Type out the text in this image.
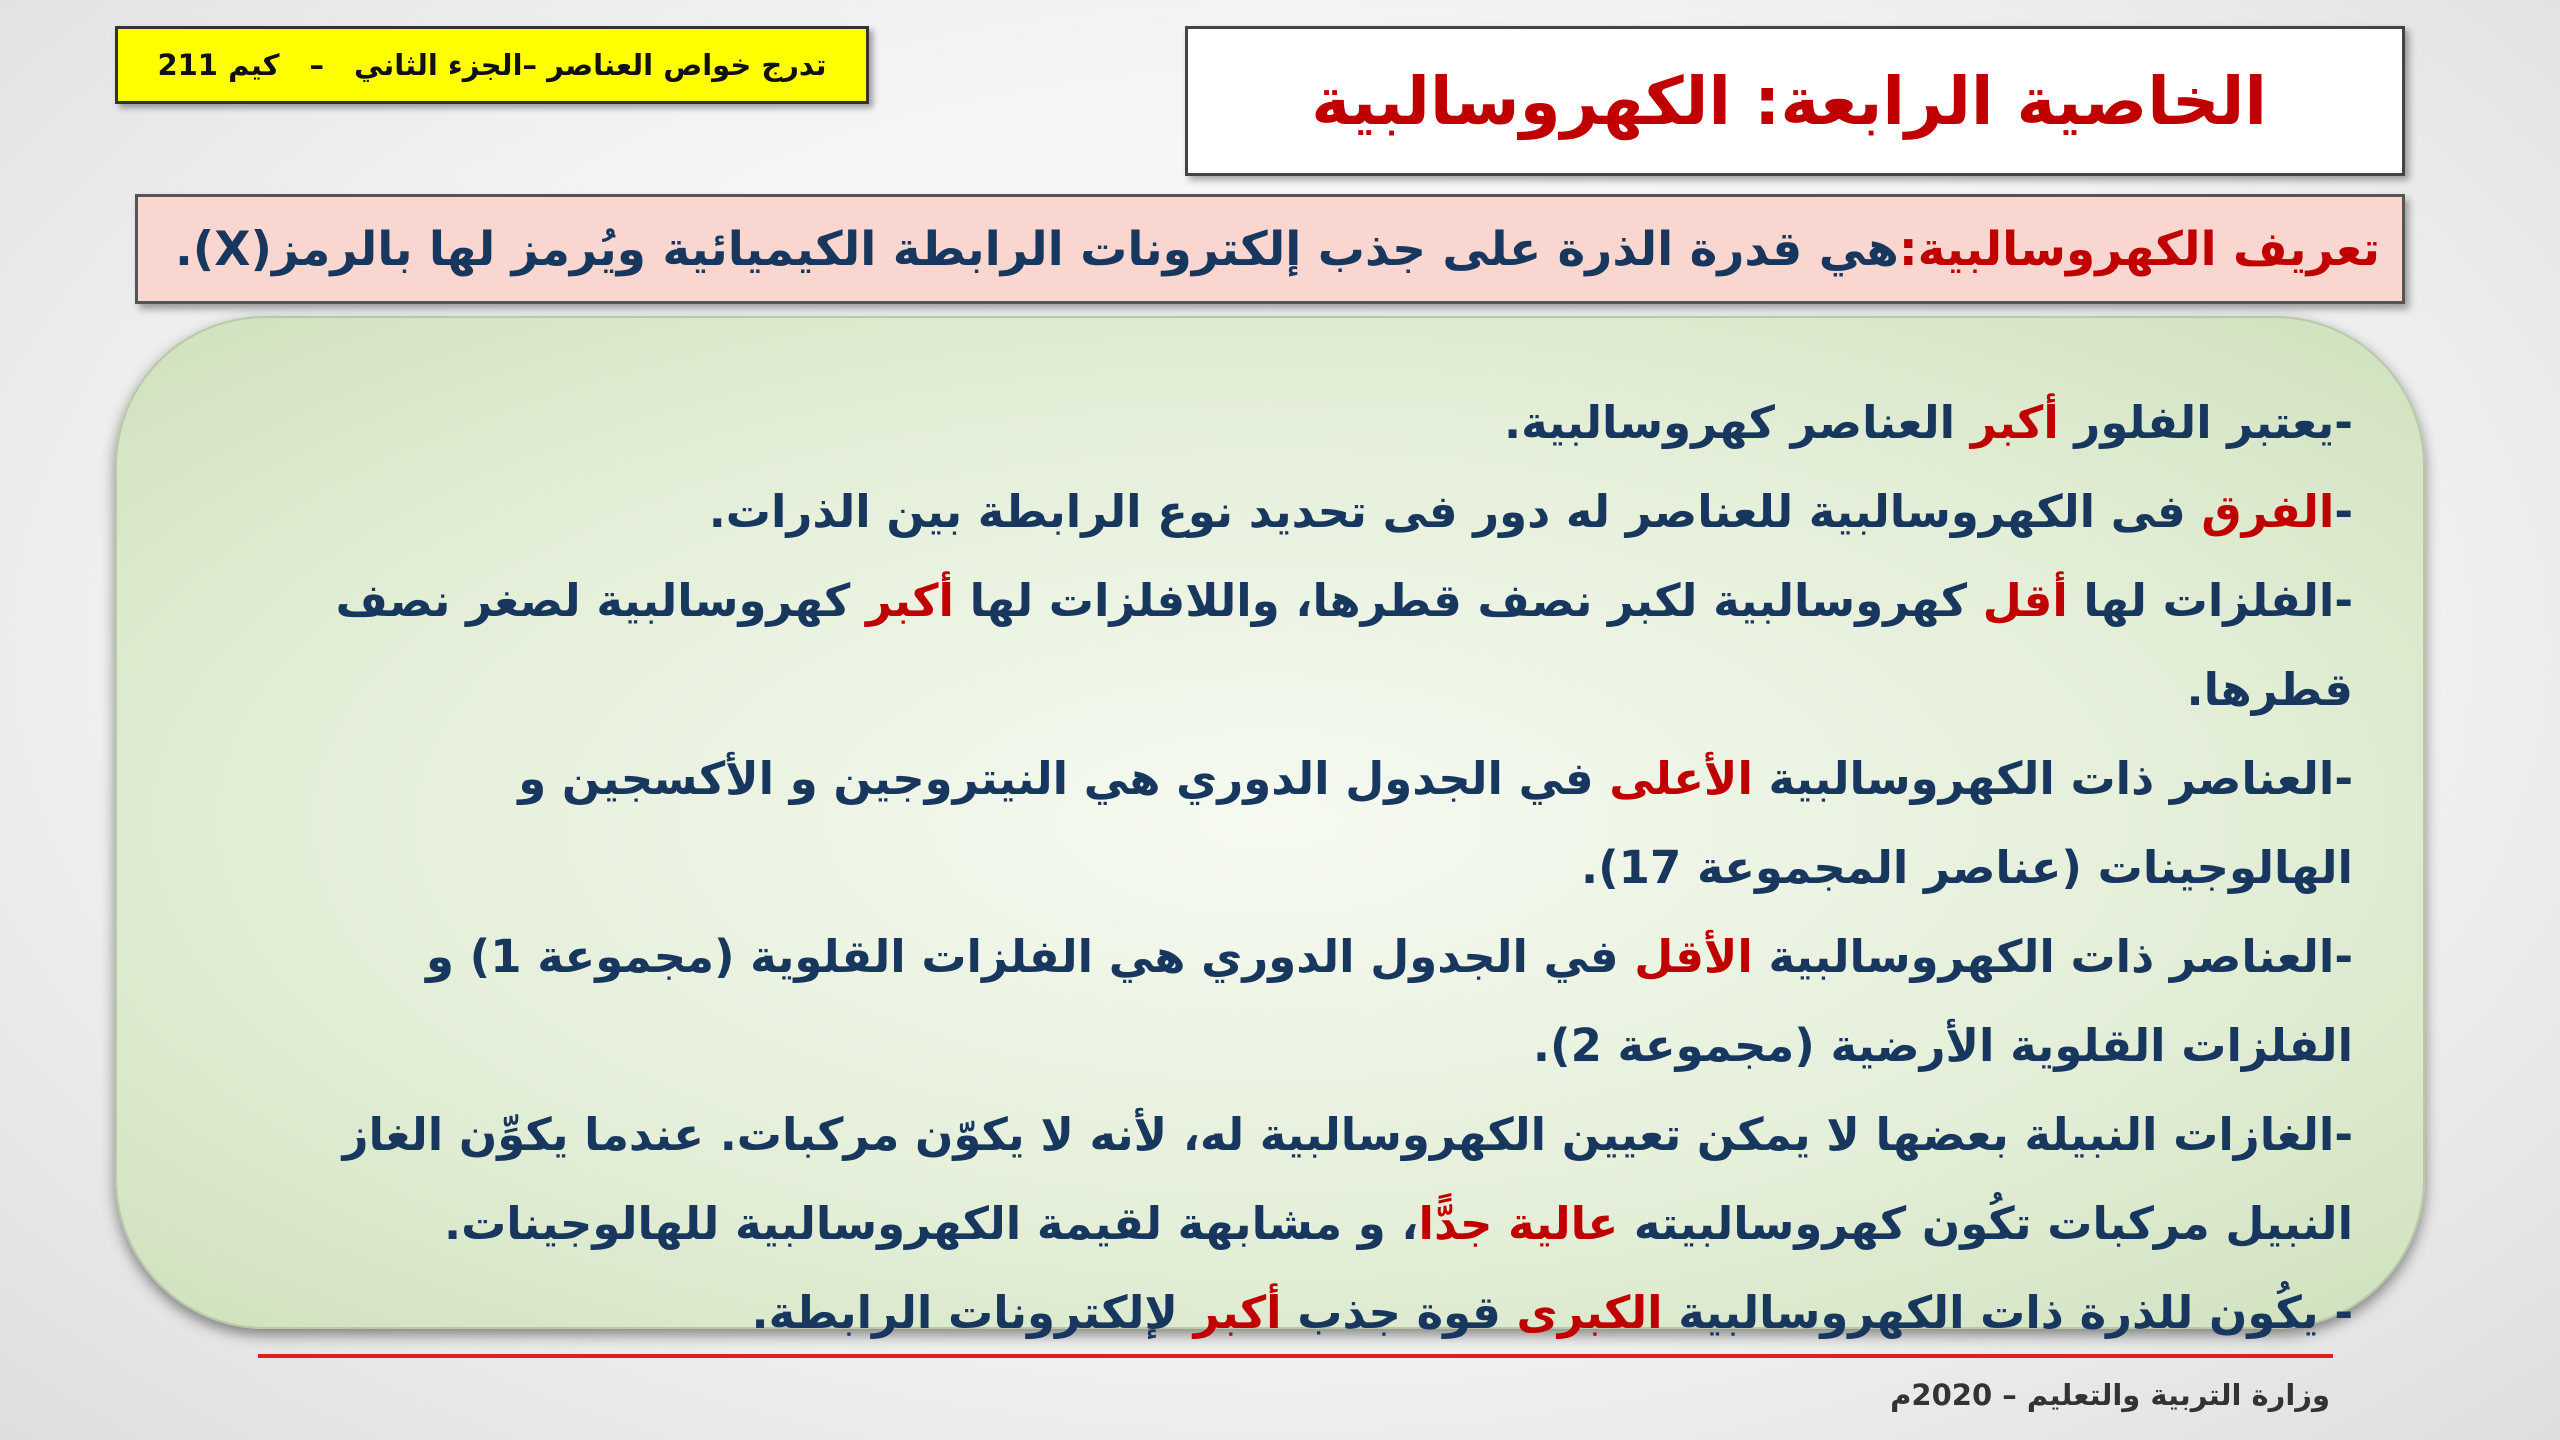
تدرج خواص العناصر –الجزء الثاني
–
كيم 211	الخاصية الرابعة: الكهروسالبية
تعريف الكهروسالبية:
هي قدرة الذرة على جذب إلكترونات الرابطة الكيميائية ويُرمز لها بالرمز(X).

-يعتبر الفلور أكبر العناصر كهروسالبية.

-الفرق فى الكهروسالبية للعناصر له دور فى تحديد نوع الرابطة بين الذرات.

-الفلزات لها أقل كهروسالبية لكبر نصف قطرها، واللافلزات لها أكبر كهروسالبية لصغر نصف قطرها.

-العناصر ذات الكهروسالبية الأعلى في الجدول الدوري هي النيتروجين و الأكسجين و الهالوجينات (عناصر المجموعة 17).

-العناصر ذات الكهروسالبية الأقل في الجدول الدوري هي الفلزات القلوية (مجموعة 1) و الفلزات القلوية الأرضية (مجموعة 2).

-الغازات النبيلة بعضها لا يمكن تعيين الكهروسالبية له، لأنه لا يكوّن مركبات. عندما يكوِّن الغاز النبيل مركبات تكُون كهروسالبيته عالية جدًّا، و مشابهة لقيمة الكهروسالبية للهالوجينات.

- يكُون للذرة ذات الكهروسالبية الكبرى قوة جذب أكبر لإلكترونات الرابطة.

وزارة التربية والتعليم – 2020م
